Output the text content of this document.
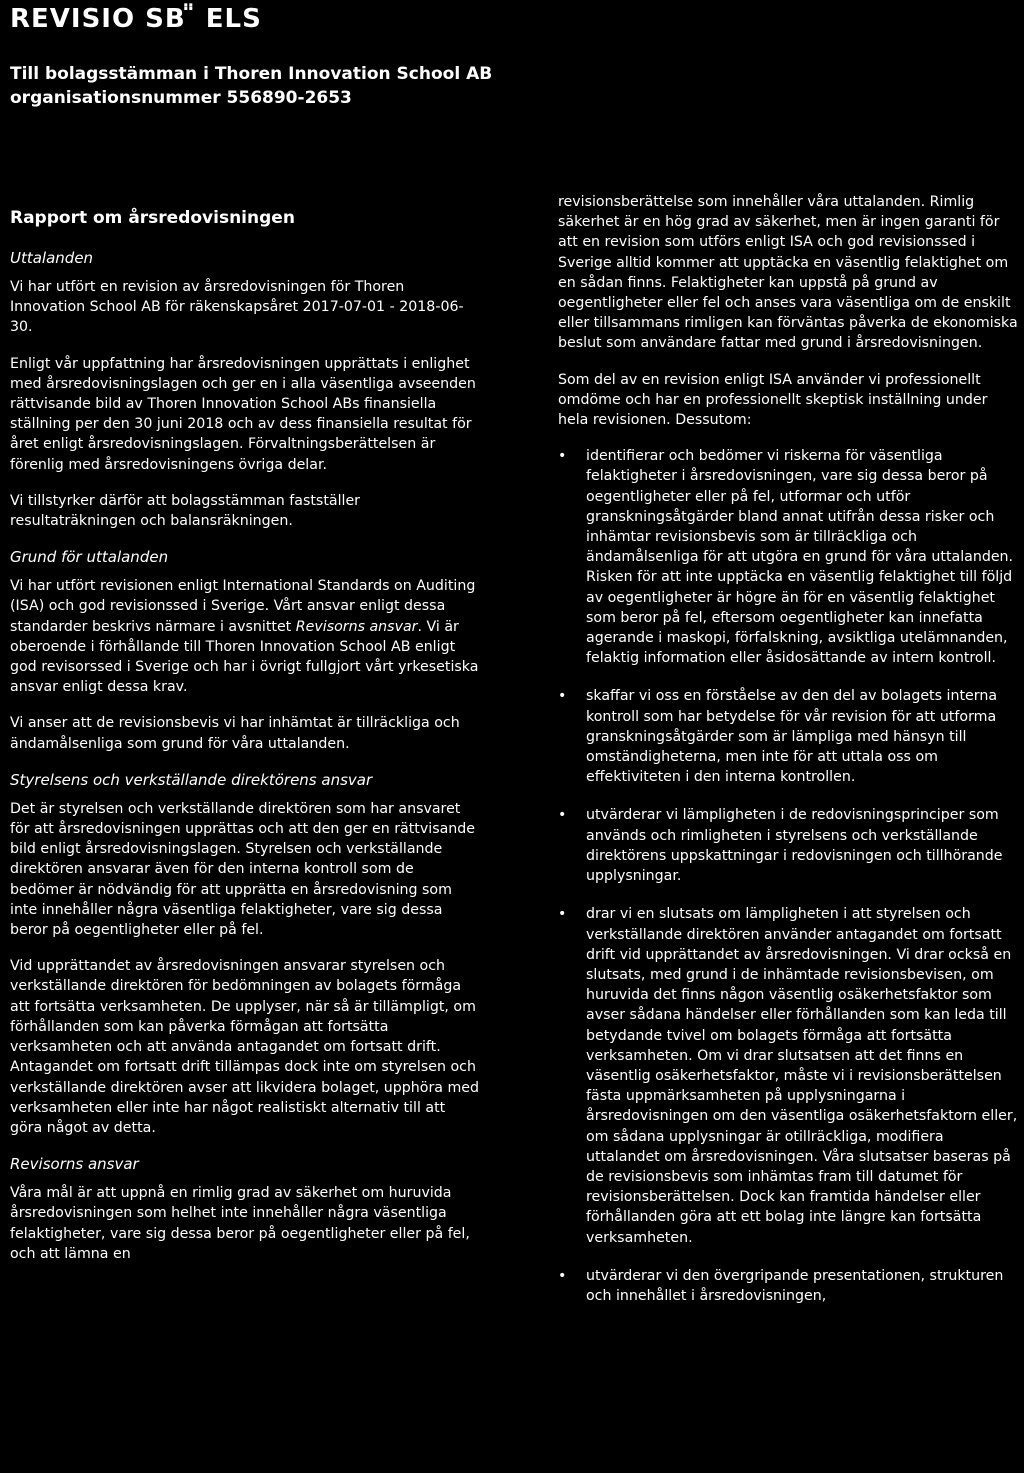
REVISIO SB ̈̈ ELS
Till bolagsstämman i Thoren Innovation School AB
organisationsnummer 556890-2653
Rapport om årsredovisningen
Uttalanden

Vi har utfört en revision av årsredovisningen för Thoren Innovation School AB för räkenskapsåret 2017-07-01 - 2018-06-30.

Enligt vår uppfattning har årsredovisningen upprättats i enlighet med årsredovisningslagen och ger en i alla väsentliga avseenden rättvisande bild av Thoren Innovation School ABs finansiella ställning per den 30 juni 2018 och av dess finansiella resultat för året enligt årsredovisningslagen. Förvaltningsberättelsen är förenlig med årsredovisningens övriga delar.

Vi tillstyrker därför att bolagsstämman fastställer resultaträkningen och balansräkningen.

Grund för uttalanden

Vi har utfört revisionen enligt International Standards on Auditing (ISA) och god revisionssed i Sverige. Vårt ansvar enligt dessa standarder beskrivs närmare i avsnittet Revisorns ansvar. Vi är oberoende i förhållande till Thoren Innovation School AB enligt god revisorssed i Sverige och har i övrigt fullgjort vårt yrkesetiska ansvar enligt dessa krav.

Vi anser att de revisionsbevis vi har inhämtat är tillräckliga och ändamålsenliga som grund för våra uttalanden.

Styrelsens och verkställande direktörens ansvar

Det är styrelsen och verkställande direktören som har ansvaret för att årsredovisningen upprättas och att den ger en rättvisande bild enligt årsredovisningslagen. Styrelsen och verkställande direktören ansvarar även för den interna kontroll som de bedömer är nödvändig för att upprätta en årsredovisning som inte innehåller några väsentliga felaktigheter, vare sig dessa beror på oegentligheter eller på fel.

Vid upprättandet av årsredovisningen ansvarar styrelsen och verkställande direktören för bedömningen av bolagets förmåga att fortsätta verksamheten. De upplyser, när så är tillämpligt, om förhållanden som kan påverka förmågan att fortsätta verksamheten och att använda antagandet om fortsatt drift. Antagandet om fortsatt drift tillämpas dock inte om styrelsen och verkställande direktören avser att likvidera bolaget, upphöra med verksamheten eller inte har något realistiskt alternativ till att göra något av detta.

Revisorns ansvar

Våra mål är att uppnå en rimlig grad av säkerhet om huruvida årsredovisningen som helhet inte innehåller några väsentliga felaktigheter, vare sig dessa beror på oegentligheter eller på fel, och att lämna en

revisionsberättelse som innehåller våra uttalanden. Rimlig säkerhet är en hög grad av säkerhet, men är ingen garanti för att en revision som utförs enligt ISA och god revisionssed i Sverige alltid kommer att upptäcka en väsentlig felaktighet om en sådan finns. Felaktigheter kan uppstå på grund av oegentligheter eller fel och anses vara väsentliga om de enskilt eller tillsammans rimligen kan förväntas påverka de ekonomiska beslut som användare fattar med grund i årsredovisningen.

Som del av en revision enligt ISA använder vi professionellt omdöme och har en professionellt skeptisk inställning under hela revisionen. Dessutom:

• identifierar och bedömer vi riskerna för väsentliga felaktigheter i årsredovisningen, vare sig dessa beror på oegentligheter eller på fel, utformar och utför granskningsåtgärder bland annat utifrån dessa risker och inhämtar revisionsbevis som är tillräckliga och ändamålsenliga för att utgöra en grund för våra uttalanden. Risken för att inte upptäcka en väsentlig felaktighet till följd av oegentligheter är högre än för en väsentlig felaktighet som beror på fel, eftersom oegentligheter kan innefatta agerande i maskopi, förfalskning, avsiktliga utelämnanden, felaktig information eller åsidosättande av intern kontroll.
• skaffar vi oss en förståelse av den del av bolagets interna kontroll som har betydelse för vår revision för att utforma granskningsåtgärder som är lämpliga med hänsyn till omständigheterna, men inte för att uttala oss om effektiviteten i den interna kontrollen.
• utvärderar vi lämpligheten i de redovisningsprinciper som används och rimligheten i styrelsens och verkställande direktörens uppskattningar i redovisningen och tillhörande upplysningar.
• drar vi en slutsats om lämpligheten i att styrelsen och verkställande direktören använder antagandet om fortsatt drift vid upprättandet av årsredovisningen. Vi drar också en slutsats, med grund i de inhämtade revisionsbevisen, om huruvida det finns någon väsentlig osäkerhetsfaktor som avser sådana händelser eller förhållanden som kan leda till betydande tvivel om bolagets förmåga att fortsätta verksamheten. Om vi drar slutsatsen att det finns en väsentlig osäkerhetsfaktor, måste vi i revisionsberättelsen fästa uppmärksamheten på upplysningarna i årsredovisningen om den väsentliga osäkerhetsfaktorn eller, om sådana upplysningar är otillräckliga, modifiera uttalandet om årsredovisningen. Våra slutsatser baseras på de revisionsbevis som inhämtas fram till datumet för revisionsberättelsen. Dock kan framtida händelser eller förhållanden göra att ett bolag inte längre kan fortsätta verksamheten.
• utvärderar vi den övergripande presentationen, strukturen och innehållet i årsredovisningen,
